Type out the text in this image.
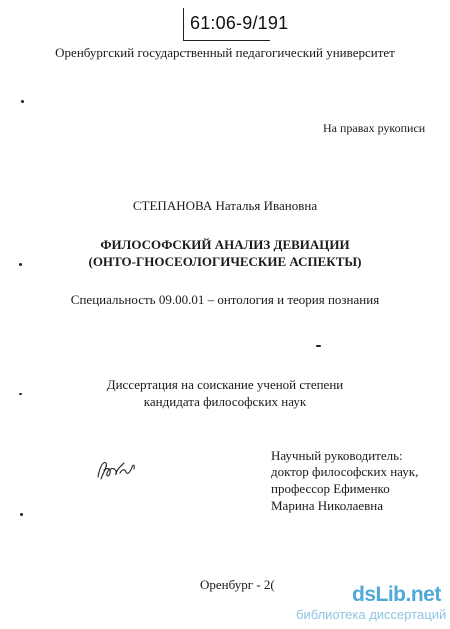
61:06-9/191
Оренбургский государственный педагогический университет
На правах рукописи
СТЕПАНОВА Наталья Ивановна
ФИЛОСОФСКИЙ АНАЛИЗ ДЕВИАЦИИ
(ОНТО-ГНОСЕОЛОГИЧЕСКИЕ АСПЕКТЫ)
Специальность 09.00.01 – онтология и теория познания
Диссертация на соискание ученой степени
кандидата философских наук
Научный руководитель:
доктор философских наук,
профессор Ефименко
Марина Николаевна
Оренбург - 2(	dsLib.net
библиотека диссертаций
